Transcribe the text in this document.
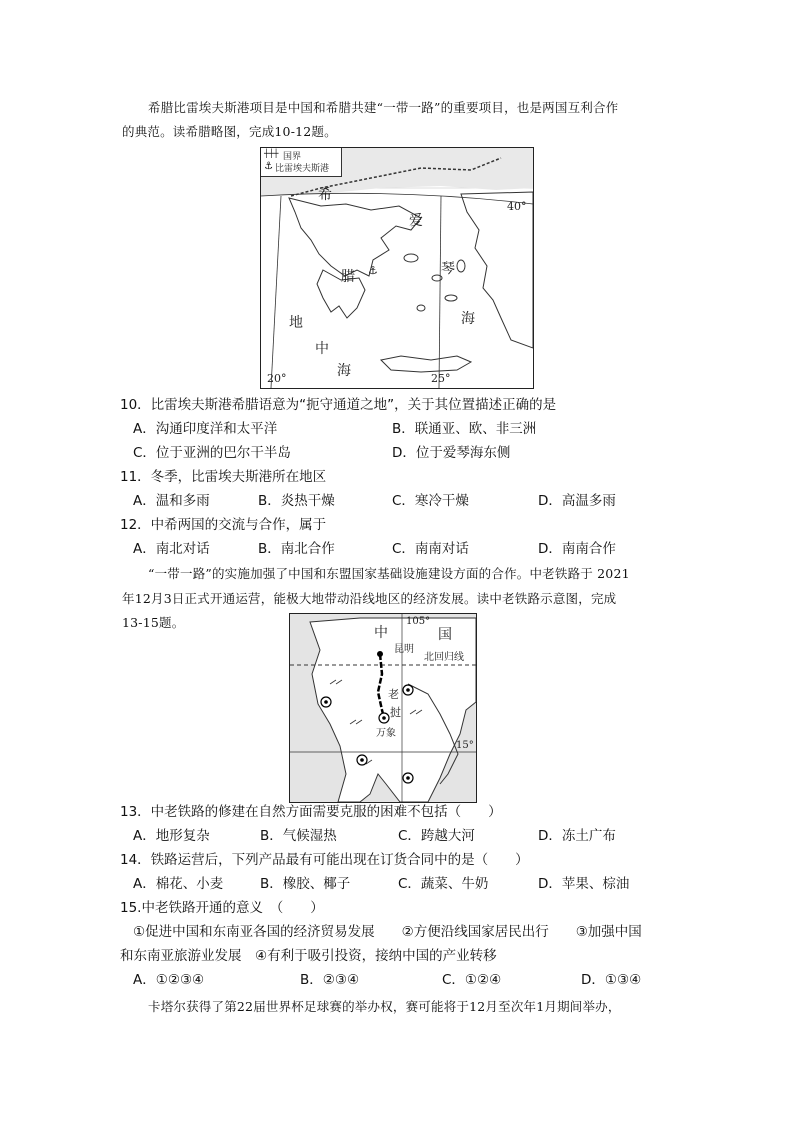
希腊比雷埃夫斯港项目是中国和希腊共建“一带一路”的重要项目，也是两国互利合作
的典范。读希腊略图，完成10-12题。
⚓
┼┼┼ 国界
⚓ 比雷埃夫斯港
希
爱
腊	琴
海
地
中
海
40°
20°	25°
10．比雷埃夫斯港希腊语意为“扼守通道之地”，关于其位置描述正确的是
A．沟通印度洋和太平洋	B．联通亚、欧、非三洲
C．位于亚洲的巴尔干半岛	D．位于爱琴海东侧
11．冬季，比雷埃夫斯港所在地区
A．温和多雨	B．炎热干燥	C．寒冷干燥	D．高温多雨
12．中希两国的交流与合作，属于
A．南北对话	B．南北合作	C．南南对话	D．南南合作
“一带一路”的实施加强了中国和东盟国家基础设施建设方面的合作。中老铁路于 2021
年12月3日正式开通运营，能极大地带动沿线地区的经济发展。读中老铁路示意图，完成
13-15题。
中	国
105°
昆明
北回归线
老
挝
万象
15°
13．中老铁路的修建在自然方面需要克服的困难不包括（　　）
A．地形复杂	B．气候湿热	C．跨越大河	D．冻土广布
14．铁路运营后，下列产品最有可能出现在订货合同中的是（　　）
A．棉花、小麦	B．橡胶、椰子	C．蔬菜、牛奶	D．苹果、棕油
15.中老铁路开通的意义　（　　）
①促进中国和东南亚各国的经济贸易发展　　②方便沿线国家居民出行　　③加强中国
和东南亚旅游业发展　④有利于吸引投资，接纳中国的产业转移
A．①②③④	B．②③④	C．①②④	D．①③④
卡塔尔获得了第22届世界杯足球赛的举办权，赛可能将于12月至次年1月期间举办，
